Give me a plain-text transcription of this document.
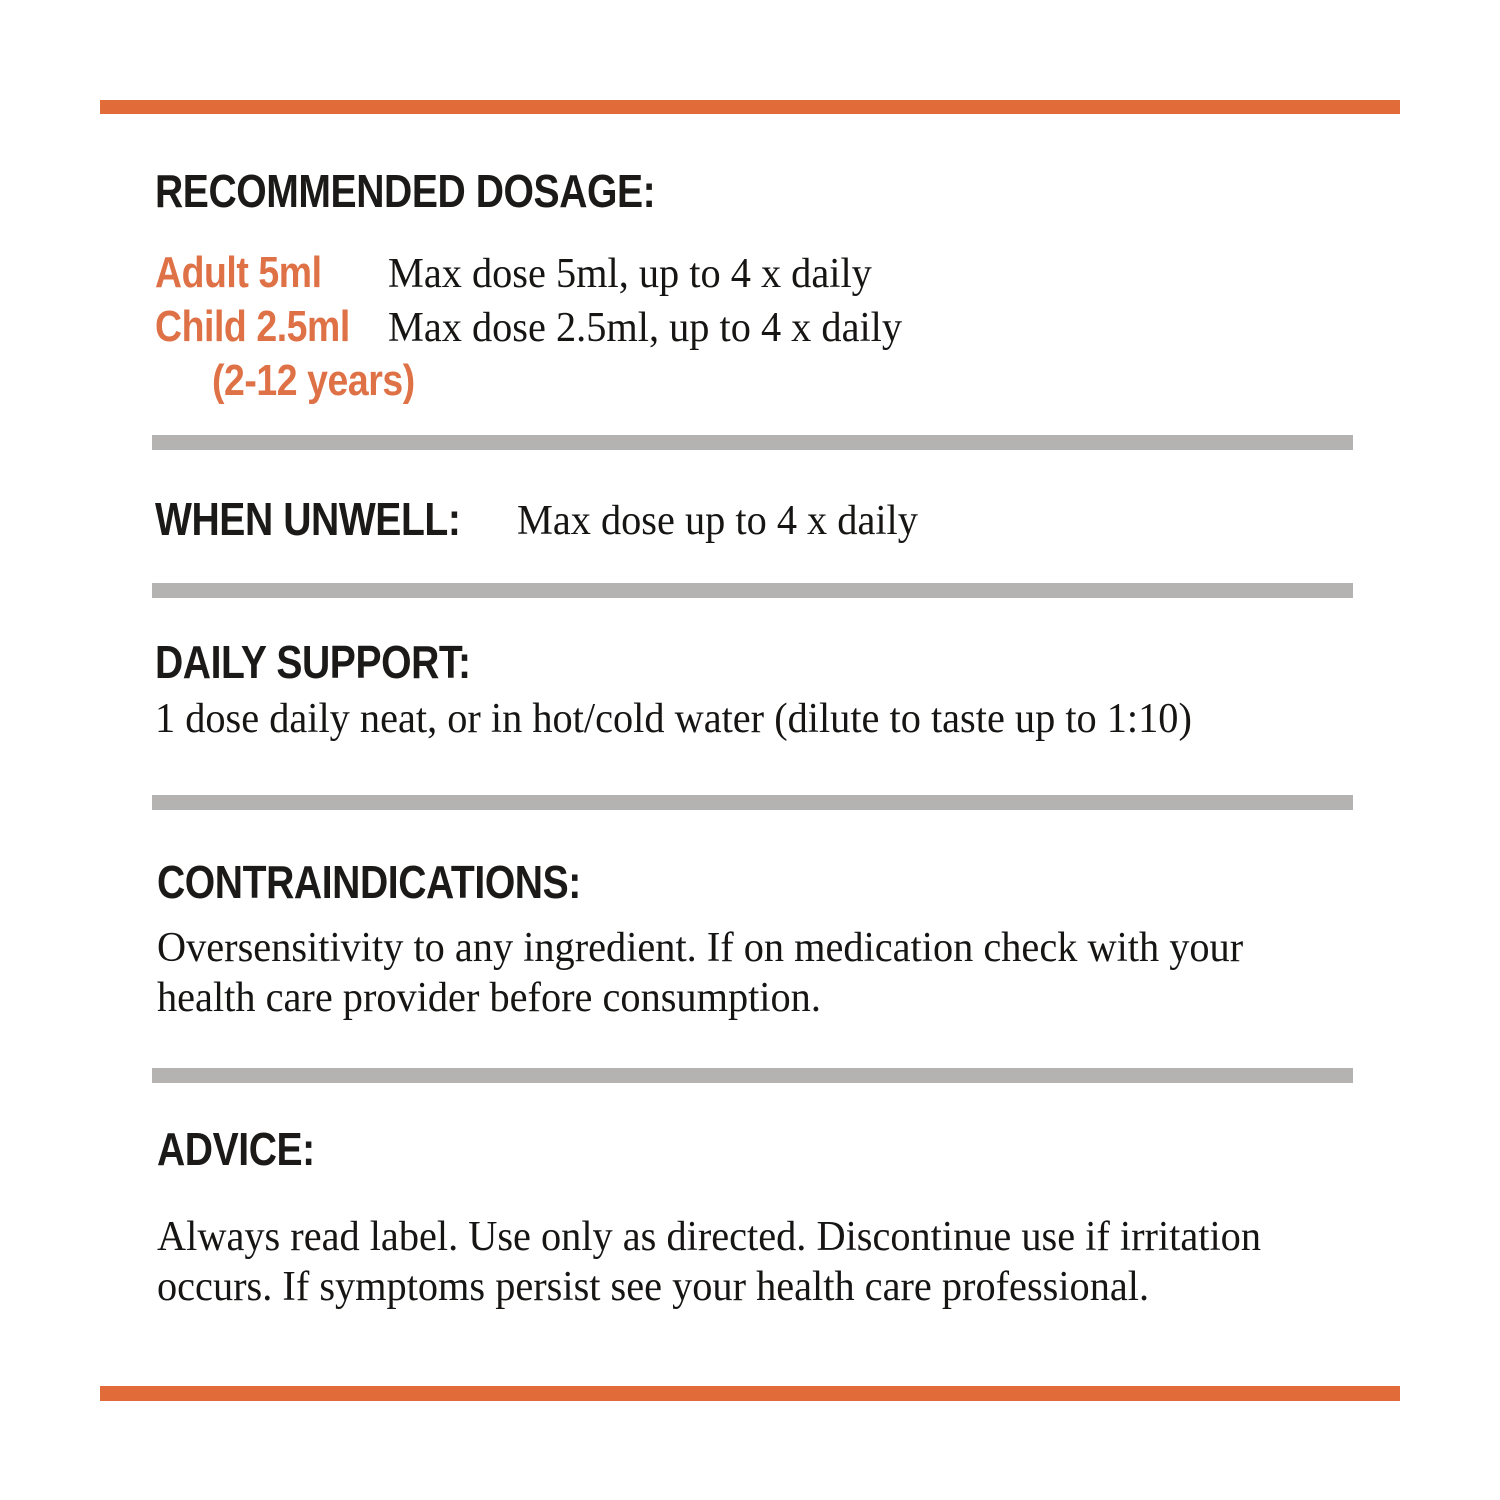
RECOMMENDED DOSAGE:
Adult 5ml Max dose 5ml, up to 4 x daily
Child 2.5ml Max dose 2.5ml, up to 4 x daily
(2-12 years)
WHEN UNWELL: Max dose up to 4 x daily
DAILY SUPPORT:
1 dose daily neat, or in hot/cold water (dilute to taste up to 1:10)
CONTRAINDICATIONS:
Oversensitivity to any ingredient. If on medication check with your
health care provider before consumption.
ADVICE:
Always read label. Use only as directed. Discontinue use if irritation
occurs. If symptoms persist see your health care professional.
